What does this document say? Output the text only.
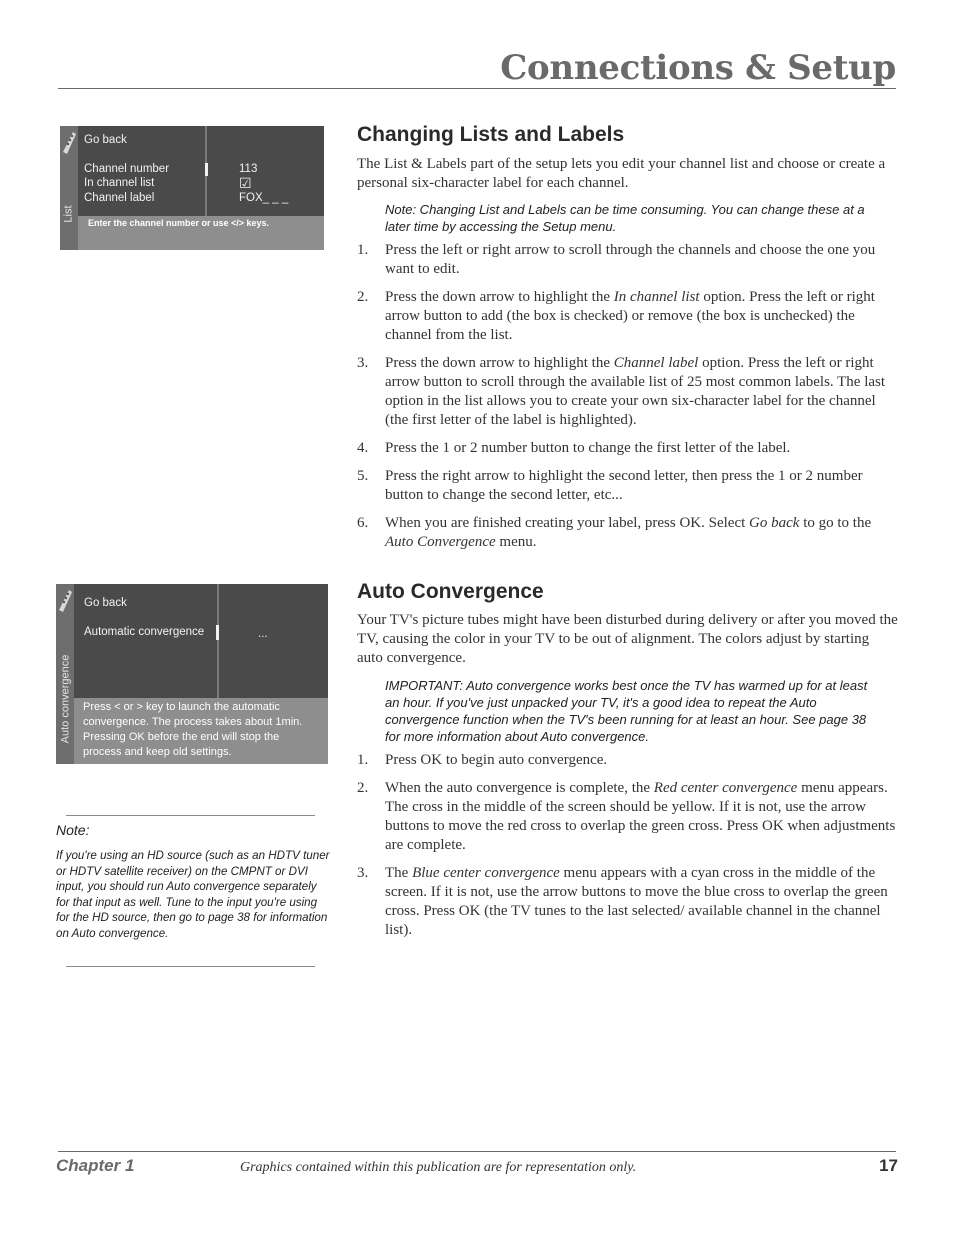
Connections & Setup
List
Go back
Channel number	113
In channel list	☑
Channel label	FOX_ _ _
Enter the channel number or use </> keys.
Auto convergence
Go back
Automatic convergence	...
Press < or > key to launch the automatic
convergence. The process takes about 1min.
Pressing OK before the end will stop the
process and keep old settings.
Changing Lists and Labels
The List & Labels part of the setup lets you edit your channel list and choose or create a personal six-character label for each channel.
Note: Changing List and Labels can be time consuming. You can change these at a later time by accessing the Setup menu.
1. Press the left or right arrow to scroll through the channels and choose the one you want to edit.
2. Press the down arrow to highlight the In channel list option. Press the left or right arrow button to add (the box is checked) or remove (the box is unchecked) the channel from the list.
3. Press the down arrow to highlight the Channel label option. Press the left or right arrow button to scroll through the available list of 25 most common labels. The last option in the list allows you to create your own six-character label for the channel (the first letter of the label is highlighted).
4. Press the 1 or 2 number button to change the first letter of the label.
5. Press the right arrow to highlight the second letter, then press the 1 or 2 number button to change the second letter, etc...
6. When you are finished creating your label, press OK. Select Go back to go to the Auto Convergence menu.
Auto Convergence
Your TV's picture tubes might have been disturbed during delivery or after you moved the TV, causing the color in your TV to be out of alignment. The colors adjust by starting auto convergence.
IMPORTANT: Auto convergence works best once the TV has warmed up for at least an hour. If you've just unpacked your TV, it's a good idea to repeat the Auto convergence function when the TV's been running for at least an hour. See page 38 for more information about Auto convergence.
1. Press OK to begin auto convergence.
2. When the auto convergence is complete, the Red center convergence menu appears. The cross in the middle of the screen should be yellow. If it is not, use the arrow buttons to move the red cross to overlap the green cross. Press OK when adjustments are complete.
3. The Blue center convergence menu appears with a cyan cross in the middle of the screen. If it is not, use the arrow buttons to move the blue cross to overlap the green cross. Press OK (the TV tunes to the last selected/ available channel in the channel list).
Note:
If you're using an HD source (such as an HDTV tuner or HDTV satellite receiver) on the CMPNT or DVI input, you should run Auto convergence separately for that input as well. Tune to the input you're using for the HD source, then go to page 38 for information on Auto convergence.
Chapter 1	Graphics contained within this publication are for representation only.	17
